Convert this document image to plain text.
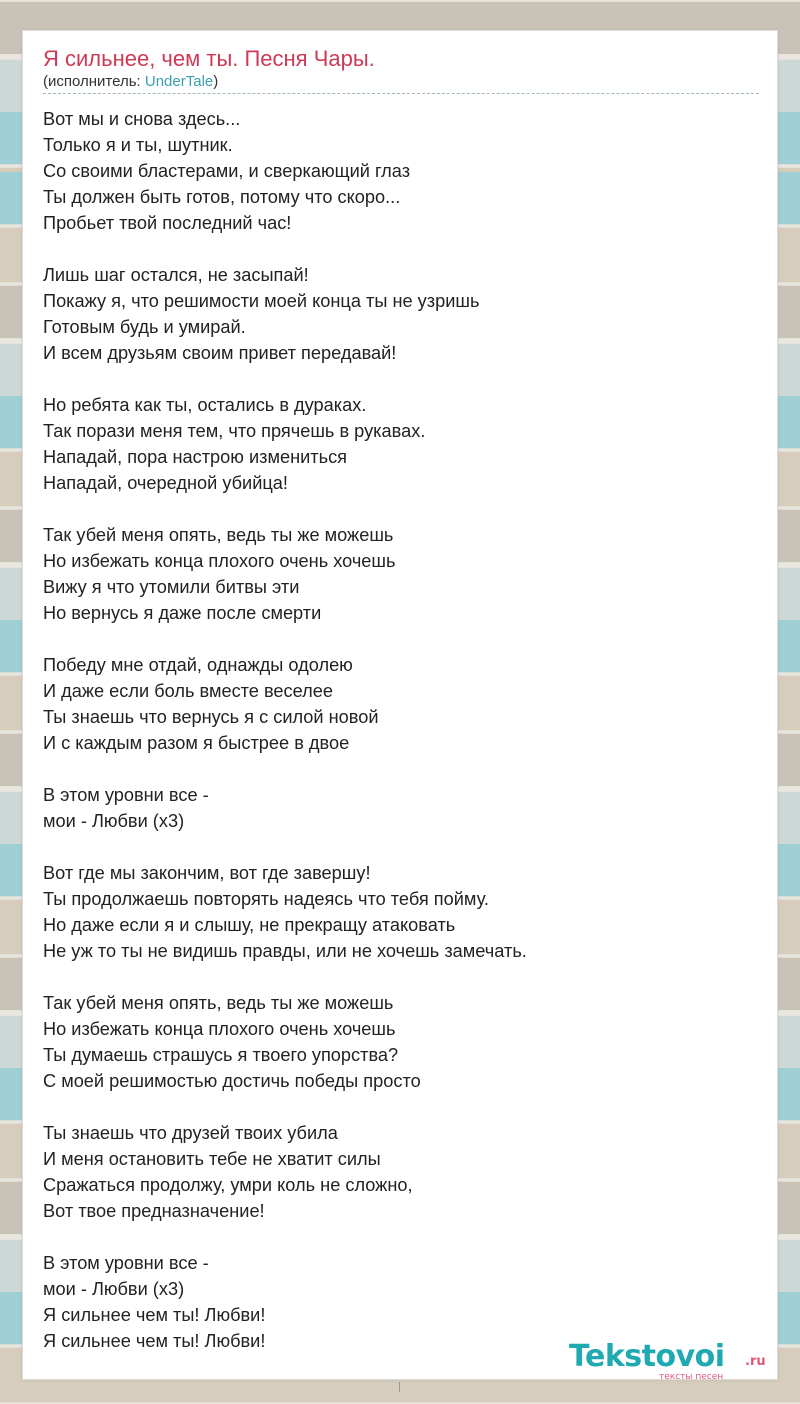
Я сильнее, чем ты. Песня Чары.
(исполнитель: UnderTale)
Вот мы и снова здесь...
Только я и ты, шутник.
Со своими бластерами, и сверкающий глаз
Ты должен быть готов, потому что скоро...
Пробьет твой последний час!
Лишь шаг остался, не засыпай!
Покажу я, что решимости моей конца ты не узришь
Готовым будь и умирай.
И всем друзьям своим привет передавай!
Но ребята как ты, остались в дураках.
Так порази меня тем, что прячешь в рукавах.
Нападай, пора настрою измениться
Нападай, очередной убийца!
Так убей меня опять, ведь ты же можешь
Но избежать конца плохого очень хочешь
Вижу я что утомили битвы эти
Но вернусь я даже после смерти
Победу мне отдай, однажды одолею
И даже если боль вместе веселее
Ты знаешь что вернусь я с силой новой
И с каждым разом я быстрее в двое
В этом уровни все -
мои - Любви (x3)
Вот где мы закончим, вот где завершу!
Ты продолжаешь повторять надеясь что тебя пойму.
Но даже если я и слышу, не прекращу атаковать
Не уж то ты не видишь правды, или не хочешь замечать.
Так убей меня опять, ведь ты же можешь
Но избежать конца плохого очень хочешь
Ты думаешь страшусь я твоего упорства?
С моей решимостью достичь победы просто
Ты знаешь что друзей твоих убила
И меня остановить тебе не хватит силы
Сражаться продолжу, умри коль не сложно,
Вот твое предназначение!
В этом уровни все -
мои - Любви (x3)
Я сильнее чем ты! Любви!
Я сильнее чем ты! Любви!	Tekstovoi .ru
тексты песен
